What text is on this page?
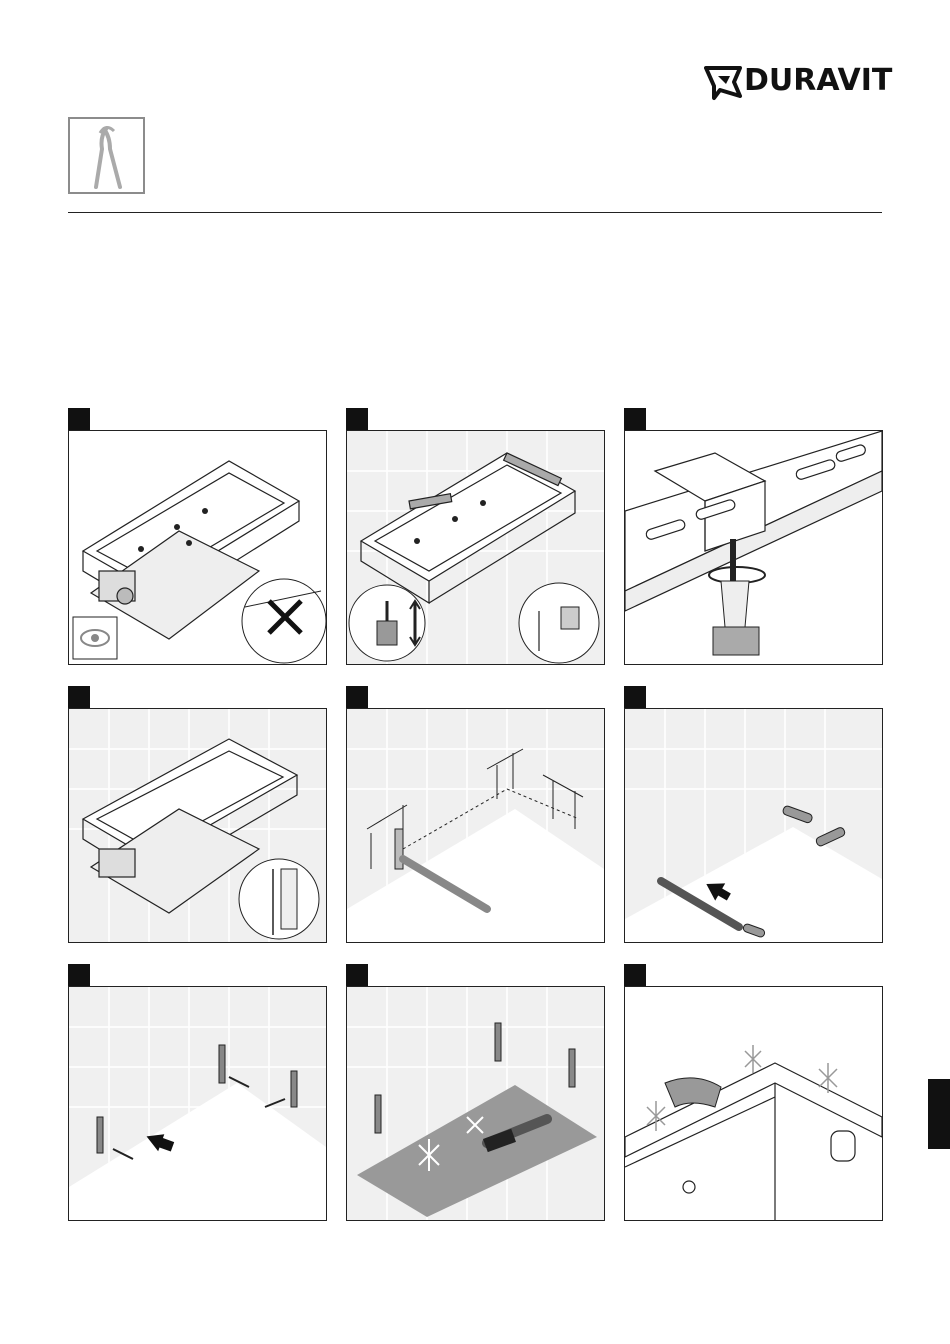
DURAVIT
